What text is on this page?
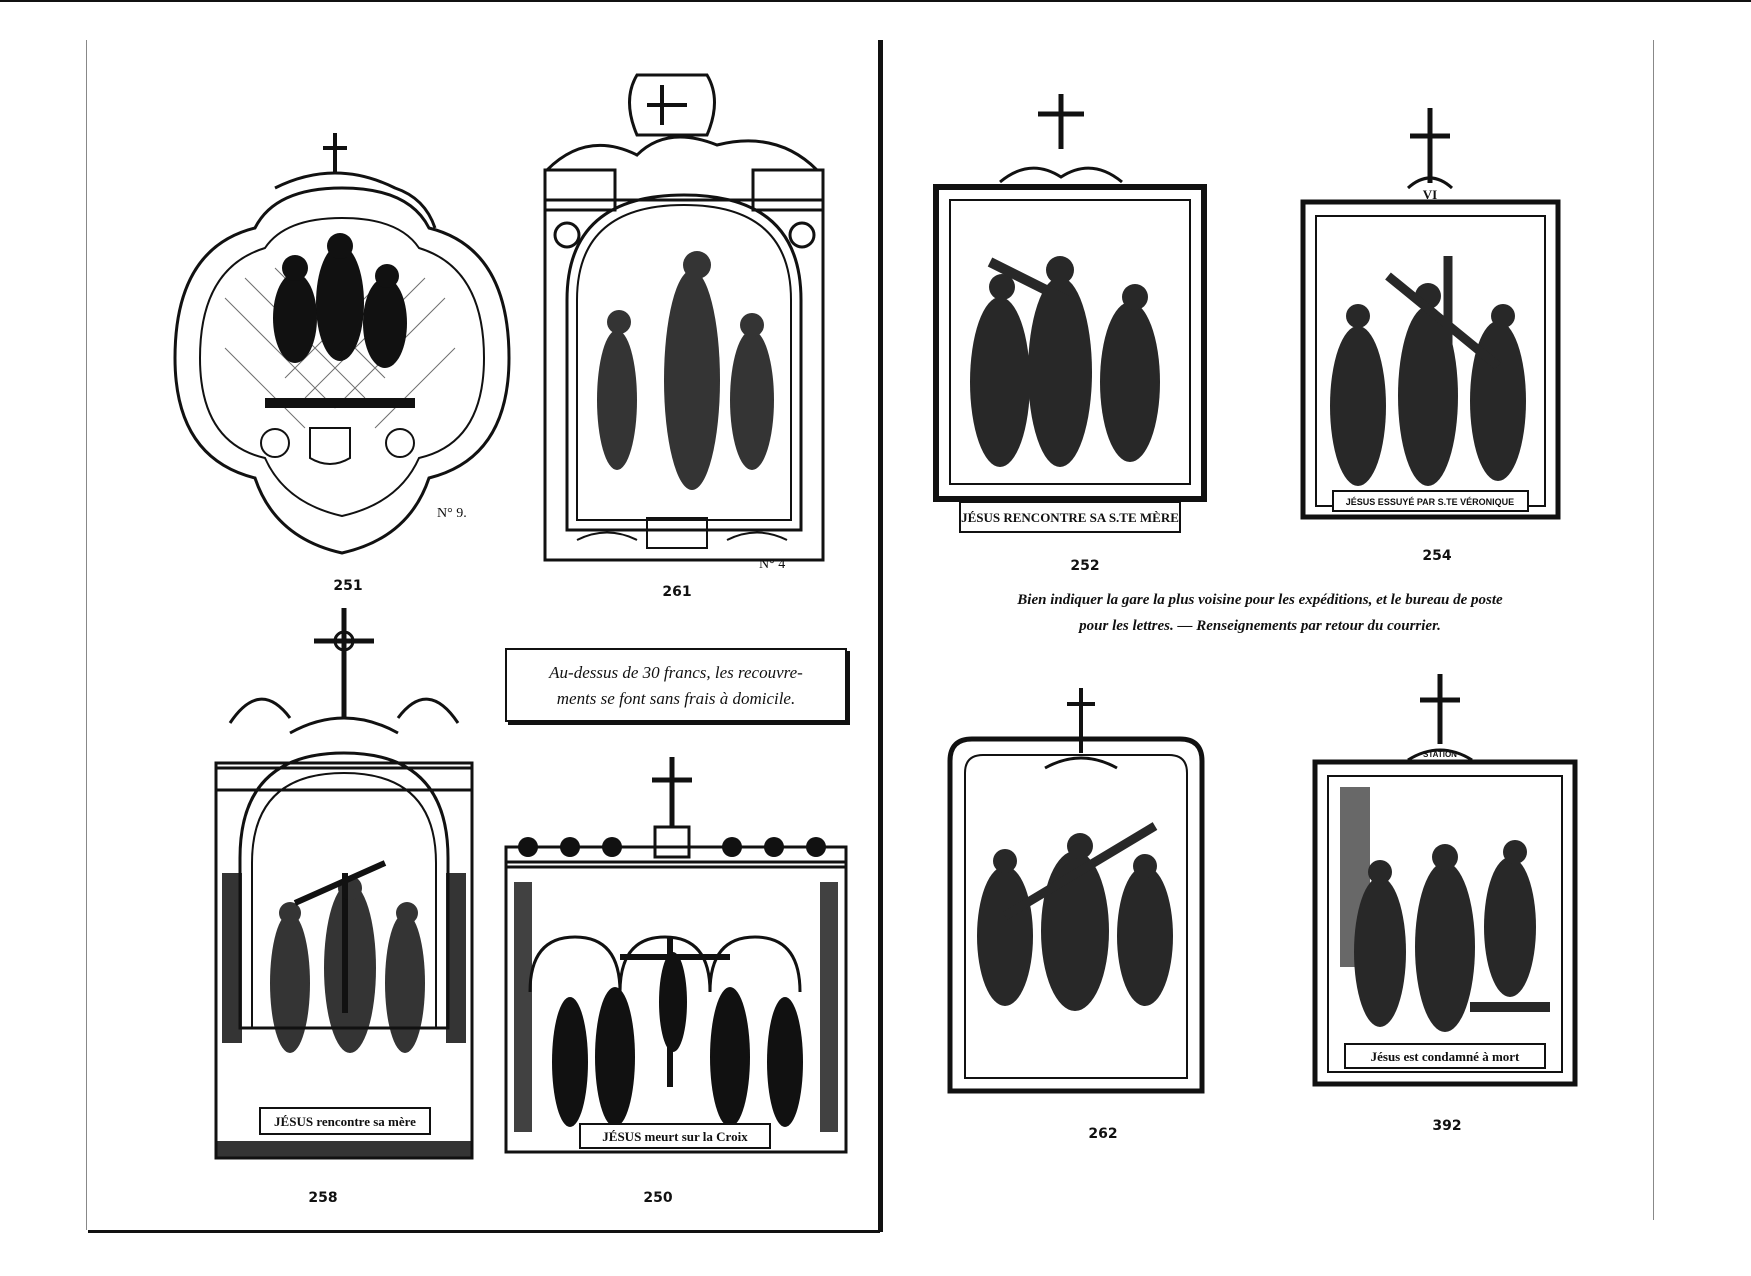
N° 9.
251
N° 4
261
JÉSUS rencontre sa mère
258
JÉSUS meurt sur la Croix
250
Au-dessus de 30 francs, les recouvre-
ments se font sans frais à domicile.
JÉSUS RENCONTRE SA S.TE MÈRE
252
VI
JÉSUS ESSUYÉ PAR S.TE VÉRONIQUE
254
Bien indiquer la gare la plus voisine pour les expéditions, et le bureau de poste
pour les lettres. — Renseignements par retour du courrier.
262
STATION
Jésus est condamné à mort
392
